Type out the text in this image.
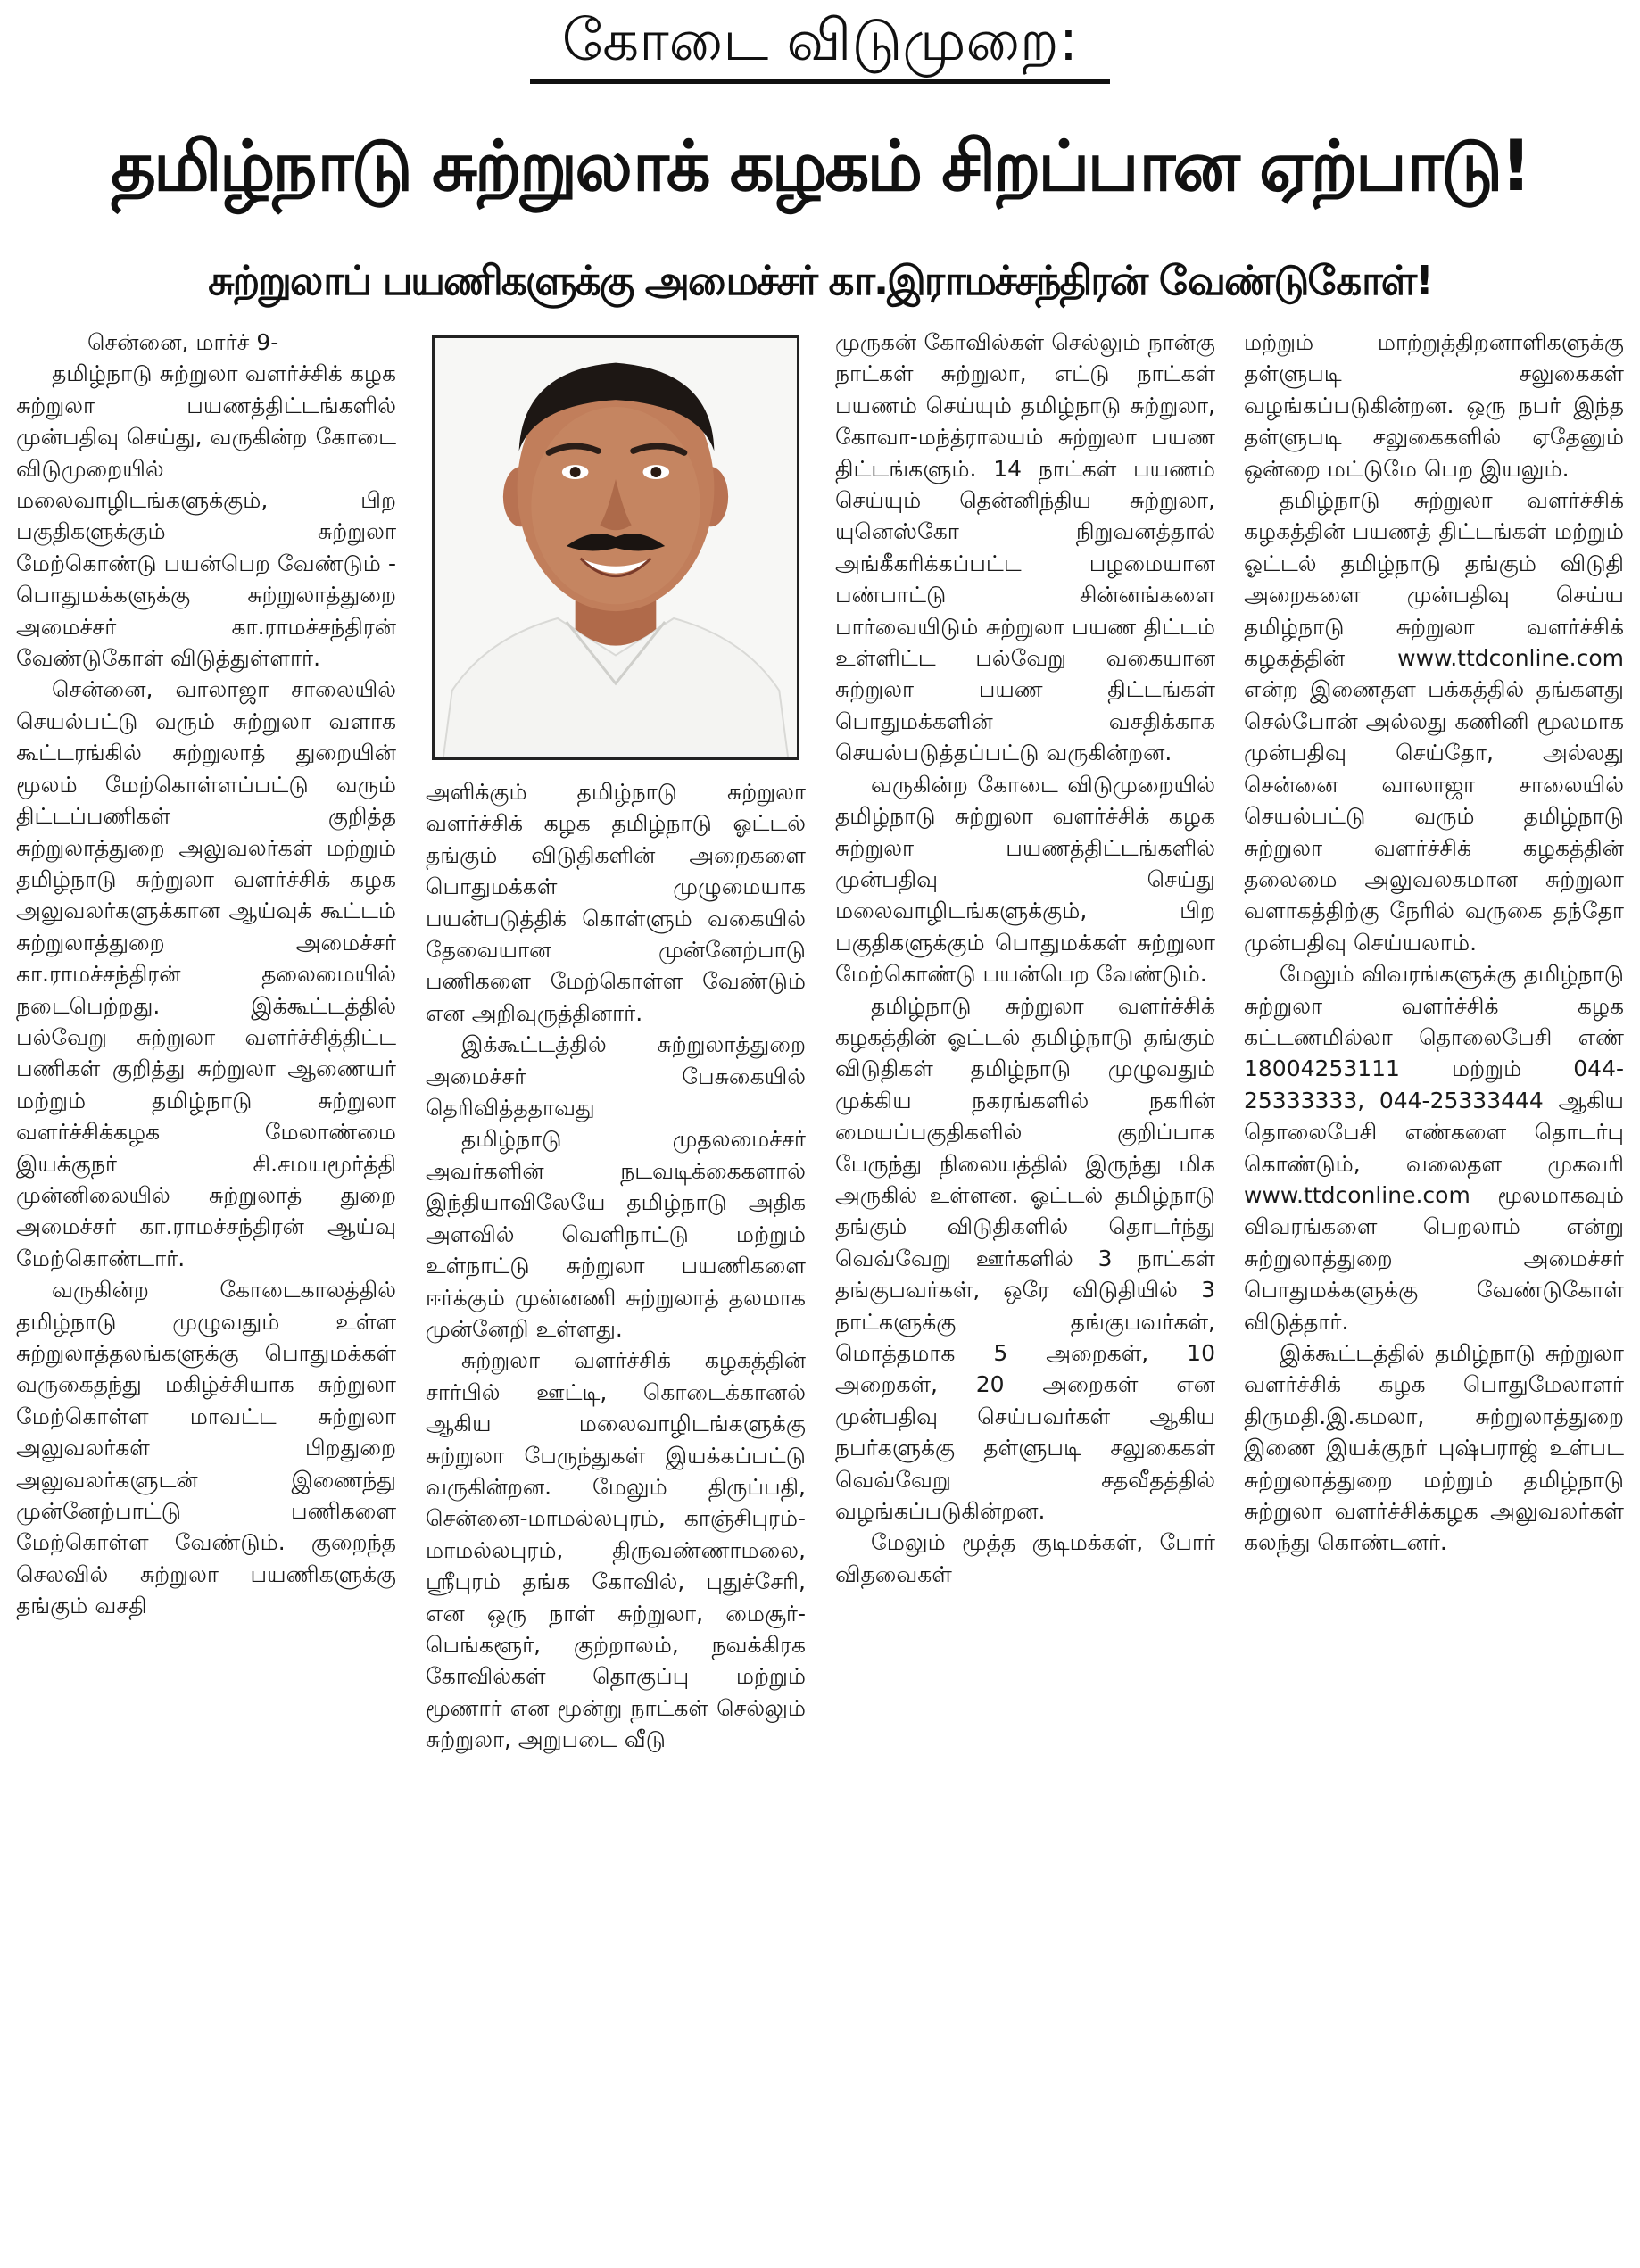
கோடை விடுமுறை:
தமிழ்நாடு சுற்றுலாக் கழகம் சிறப்பான ஏற்பாடு!
சுற்றுலாப் பயணிகளுக்கு அமைச்சர் கா.இராமச்சந்திரன் வேண்டுகோள்!

சென்னை, மார்ச் 9-

தமிழ்நாடு சுற்றுலா வளர்ச்சிக் கழக சுற்றுலா பயணத்திட்டங்களில் முன்பதிவு செய்து, வருகின்ற கோடை விடுமுறையில் மலைவாழிடங்களுக்கும், பிற பகுதிகளுக்கும் சுற்றுலா மேற்கொண்டு பயன்பெற வேண்டும் - பொதுமக்களுக்கு சுற்றுலாத்துறை அமைச்சர் கா.ராமச்சந்திரன் வேண்டுகோள் விடுத்துள்ளார்.

சென்னை, வாலாஜா சாலையில் செயல்பட்டு வரும் சுற்றுலா வளாக கூட்டரங்கில் சுற்றுலாத் துறையின் மூலம் மேற்கொள்ளப்பட்டு வரும் திட்டப்பணிகள் குறித்த சுற்றுலாத்துறை அலுவலர்கள் மற்றும் தமிழ்நாடு சுற்றுலா வளர்ச்சிக் கழக அலுவலர்களுக்கான ஆய்வுக் கூட்டம் சுற்றுலாத்துறை அமைச்சர் கா.ராமச்சந்திரன் தலைமையில் நடைபெற்றது. இக்கூட்டத்தில் பல்வேறு சுற்றுலா வளர்ச்சித்திட்ட பணிகள் குறித்து சுற்றுலா ஆணையர் மற்றும் தமிழ்நாடு சுற்றுலா வளர்ச்சிக்கழக மேலாண்மை இயக்குநர் சி.சமயமூர்த்தி முன்னிலையில் சுற்றுலாத் துறை அமைச்சர் கா.ராமச்சந்திரன் ஆய்வு மேற்கொண்டார்.

வருகின்ற கோடைகாலத்தில் தமிழ்நாடு முழுவதும் உள்ள சுற்றுலாத்தலங்களுக்கு பொதுமக்கள் வருகைதந்து மகிழ்ச்சியாக சுற்றுலா மேற்கொள்ள மாவட்ட சுற்றுலா அலுவலர்கள் பிறதுறை அலுவலர்களுடன் இணைந்து முன்னேற்பாட்டு பணிகளை மேற்கொள்ள வேண்டும். குறைந்த செலவில் சுற்றுலா பயணிகளுக்கு தங்கும் வசதி

அளிக்கும் தமிழ்நாடு சுற்றுலா வளர்ச்சிக் கழக தமிழ்நாடு ஓட்டல் தங்கும் விடுதிகளின் அறைகளை பொதுமக்கள் முழுமையாக பயன்படுத்திக் கொள்ளும் வகையில் தேவையான முன்னேற்பாடு பணிகளை மேற்கொள்ள வேண்டும் என அறிவுருத்தினார்.

இக்கூட்டத்தில் சுற்றுலாத்துறை அமைச்சர் பேசுகையில் தெரிவித்ததாவது

தமிழ்நாடு முதலமைச்சர் அவர்களின் நடவடிக்கைகளால் இந்தியாவிலேயே தமிழ்நாடு அதிக அளவில் வெளிநாட்டு மற்றும் உள்நாட்டு சுற்றுலா பயணிகளை ஈர்க்கும் முன்னணி சுற்றுலாத் தலமாக முன்னேறி உள்ளது.

சுற்றுலா வளர்ச்சிக் கழகத்தின் சார்பில் ஊட்டி, கொடைக்கானல் ஆகிய மலைவாழிடங்களுக்கு சுற்றுலா பேருந்துகள் இயக்கப்பட்டு வருகின்றன. மேலும் திருப்பதி, சென்னை-மாமல்லபுரம், காஞ்சிபுரம்- மாமல்லபுரம், திருவண்ணாமலை, ஸ்ரீபுரம் தங்க கோவில், புதுச்சேரி, என ஒரு நாள் சுற்றுலா, மைசூர்-பெங்களூர், குற்றாலம், நவக்கிரக கோவில்கள் தொகுப்பு மற்றும் மூணார் என மூன்று நாட்கள் செல்லும் சுற்றுலா, அறுபடை வீடு

முருகன் கோவில்கள் செல்லும் நான்கு நாட்கள் சுற்றுலா, எட்டு நாட்கள் பயணம் செய்யும் தமிழ்நாடு சுற்றுலா, கோவா-மந்த்ராலயம் சுற்றுலா பயண திட்டங்களும். 14 நாட்கள் பயணம் செய்யும் தென்னிந்திய சுற்றுலா, யுனெஸ்கோ நிறுவனத்தால் அங்கீகரிக்கப்பட்ட பழமையான பண்பாட்டு சின்னங்களை பார்வையிடும் சுற்றுலா பயண திட்டம் உள்ளிட்ட பல்வேறு வகையான சுற்றுலா பயண திட்டங்கள் பொதுமக்களின் வசதிக்காக செயல்படுத்தப்பட்டு வருகின்றன.

வருகின்ற கோடை விடுமுறையில் தமிழ்நாடு சுற்றுலா வளர்ச்சிக் கழக சுற்றுலா பயணத்திட்டங்களில் முன்பதிவு செய்து மலைவாழிடங்களுக்கும், பிற பகுதிகளுக்கும் பொதுமக்கள் சுற்றுலா மேற்கொண்டு பயன்பெற வேண்டும்.

தமிழ்நாடு சுற்றுலா வளர்ச்சிக் கழகத்தின் ஓட்டல் தமிழ்நாடு தங்கும் விடுதிகள் தமிழ்நாடு முழுவதும் முக்கிய நகரங்களில் நகரின் மையப்பகுதிகளில் குறிப்பாக பேருந்து நிலையத்தில் இருந்து மிக அருகில் உள்ளன. ஓட்டல் தமிழ்நாடு தங்கும் விடுதிகளில் தொடர்ந்து வெவ்வேறு ஊர்களில் 3 நாட்கள் தங்குபவர்கள், ஒரே விடுதியில் 3 நாட்களுக்கு தங்குபவர்கள், மொத்தமாக 5 அறைகள், 10 அறைகள், 20 அறைகள் என முன்பதிவு செய்பவர்கள் ஆகிய நபர்களுக்கு தள்ளுபடி சலுகைகள் வெவ்வேறு சதவீதத்தில் வழங்கப்படுகின்றன.

மேலும் மூத்த குடிமக்கள், போர் விதவைகள்

மற்றும் மாற்றுத்திறனாளிகளுக்கு தள்ளுபடி சலுகைகள் வழங்கப்படுகின்றன. ஒரு நபர் இந்த தள்ளுபடி சலுகைகளில் ஏதேனும் ஒன்றை மட்டுமே பெற இயலும்.

தமிழ்நாடு சுற்றுலா வளர்ச்சிக் கழகத்தின் பயணத் திட்டங்கள் மற்றும் ஓட்டல் தமிழ்நாடு தங்கும் விடுதி அறைகளை முன்பதிவு செய்ய தமிழ்நாடு சுற்றுலா வளர்ச்சிக் கழகத்தின் www.ttdconline.com என்ற இணைதள பக்கத்தில் தங்களது செல்போன் அல்லது கணினி மூலமாக முன்பதிவு செய்தோ, அல்லது சென்னை வாலாஜா சாலையில் செயல்பட்டு வரும் தமிழ்நாடு சுற்றுலா வளர்ச்சிக் கழகத்தின் தலைமை அலுவலகமான சுற்றுலா வளாகத்திற்கு நேரில் வருகை தந்தோ முன்பதிவு செய்யலாம்.

மேலும் விவரங்களுக்கு தமிழ்நாடு சுற்றுலா வளர்ச்சிக் கழக கட்டணமில்லா தொலைபேசி எண் 18004253111 மற்றும் 044-25333333, 044-25333444 ஆகிய தொலைபேசி எண்களை தொடர்பு கொண்டும், வலைதள முகவரி www.ttdconline.com மூலமாகவும் விவரங்களை பெறலாம் என்று சுற்றுலாத்துறை அமைச்சர் பொதுமக்களுக்கு வேண்டுகோள் விடுத்தார்.

இக்கூட்டத்தில் தமிழ்நாடு சுற்றுலா வளர்ச்சிக் கழக பொதுமேலாளர் திருமதி.இ.கமலா, சுற்றுலாத்துறை இணை இயக்குநர் புஷ்பராஜ் உள்பட சுற்றுலாத்துறை மற்றும் தமிழ்நாடு சுற்றுலா வளர்ச்சிக்கழக அலுவலர்கள் கலந்து கொண்டனர்.
